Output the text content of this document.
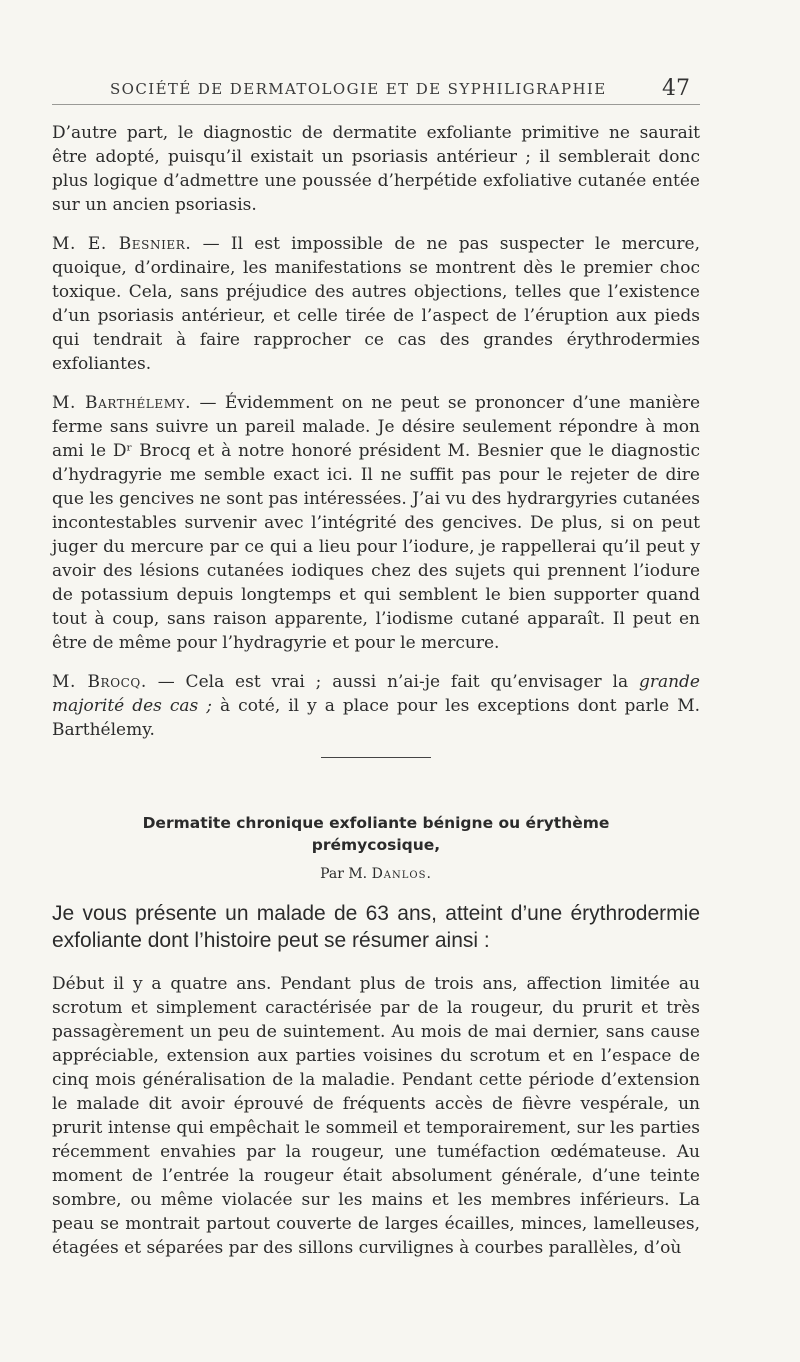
SOCIÉTÉ DE DERMATOLOGIE ET DE SYPHILIGRAPHIE	47

D’autre part, le diagnostic de dermatite exfoliante primitive ne saurait être adopté, puisqu’il existait un psoriasis antérieur ; il semblerait donc plus logique d’admettre une poussée d’herpétide exfoliative cutanée entée sur un ancien psoriasis.

M. E. Besnier. — Il est impossible de ne pas suspecter le mercure, quoique, d’ordinaire, les manifestations se montrent dès le premier choc toxique. Cela, sans préjudice des autres objections, telles que l’existence d’un psoriasis antérieur, et celle tirée de l’aspect de l’éruption aux pieds qui tendrait à faire rapprocher ce cas des grandes érythrodermies exfoliantes.

M. Barthélemy. — Évidemment on ne peut se prononcer d’une manière ferme sans suivre un pareil malade. Je désire seulement répondre à mon ami le Dʳ Brocq et à notre honoré président M. Besnier que le diagnostic d’hydragyrie me semble exact ici. Il ne suffit pas pour le rejeter de dire que les gencives ne sont pas intéressées. J’ai vu des hydrargyries cutanées incontestables survenir avec l’intégrité des gencives. De plus, si on peut juger du mercure par ce qui a lieu pour l’iodure, je rappellerai qu’il peut y avoir des lésions cutanées iodiques chez des sujets qui prennent l’iodure de potassium depuis longtemps et qui semblent le bien supporter quand tout à coup, sans raison apparente, l’iodisme cutané apparaît. Il peut en être de même pour l’hydragyrie et pour le mercure.

M. Brocq. — Cela est vrai ; aussi n’ai-je fait qu’envisager la grande majorité des cas ; à coté, il y a place pour les exceptions dont parle M. Barthélemy.

Dermatite chronique exfoliante bénigne ou érythème
prémycosique,
Par M. Danlos.

Je vous présente un malade de 63 ans, atteint d’une érythrodermie exfoliante dont l’histoire peut se résumer ainsi :

Début il y a quatre ans. Pendant plus de trois ans, affection limitée au scrotum et simplement caractérisée par de la rougeur, du prurit et très passagèrement un peu de suintement. Au mois de mai dernier, sans cause appréciable, extension aux parties voisines du scrotum et en l’espace de cinq mois généralisation de la maladie. Pendant cette période d’extension le malade dit avoir éprouvé de fréquents accès de fièvre vespérale, un prurit intense qui empêchait le sommeil et temporairement, sur les parties récemment envahies par la rougeur, une tuméfaction œdémateuse. Au moment de l’entrée la rougeur était absolument générale, d’une teinte sombre, ou même violacée sur les mains et les membres inférieurs. La peau se montrait partout couverte de larges écailles, minces, lamelleuses, étagées et séparées par des sillons curvilignes à courbes parallèles, d’où
